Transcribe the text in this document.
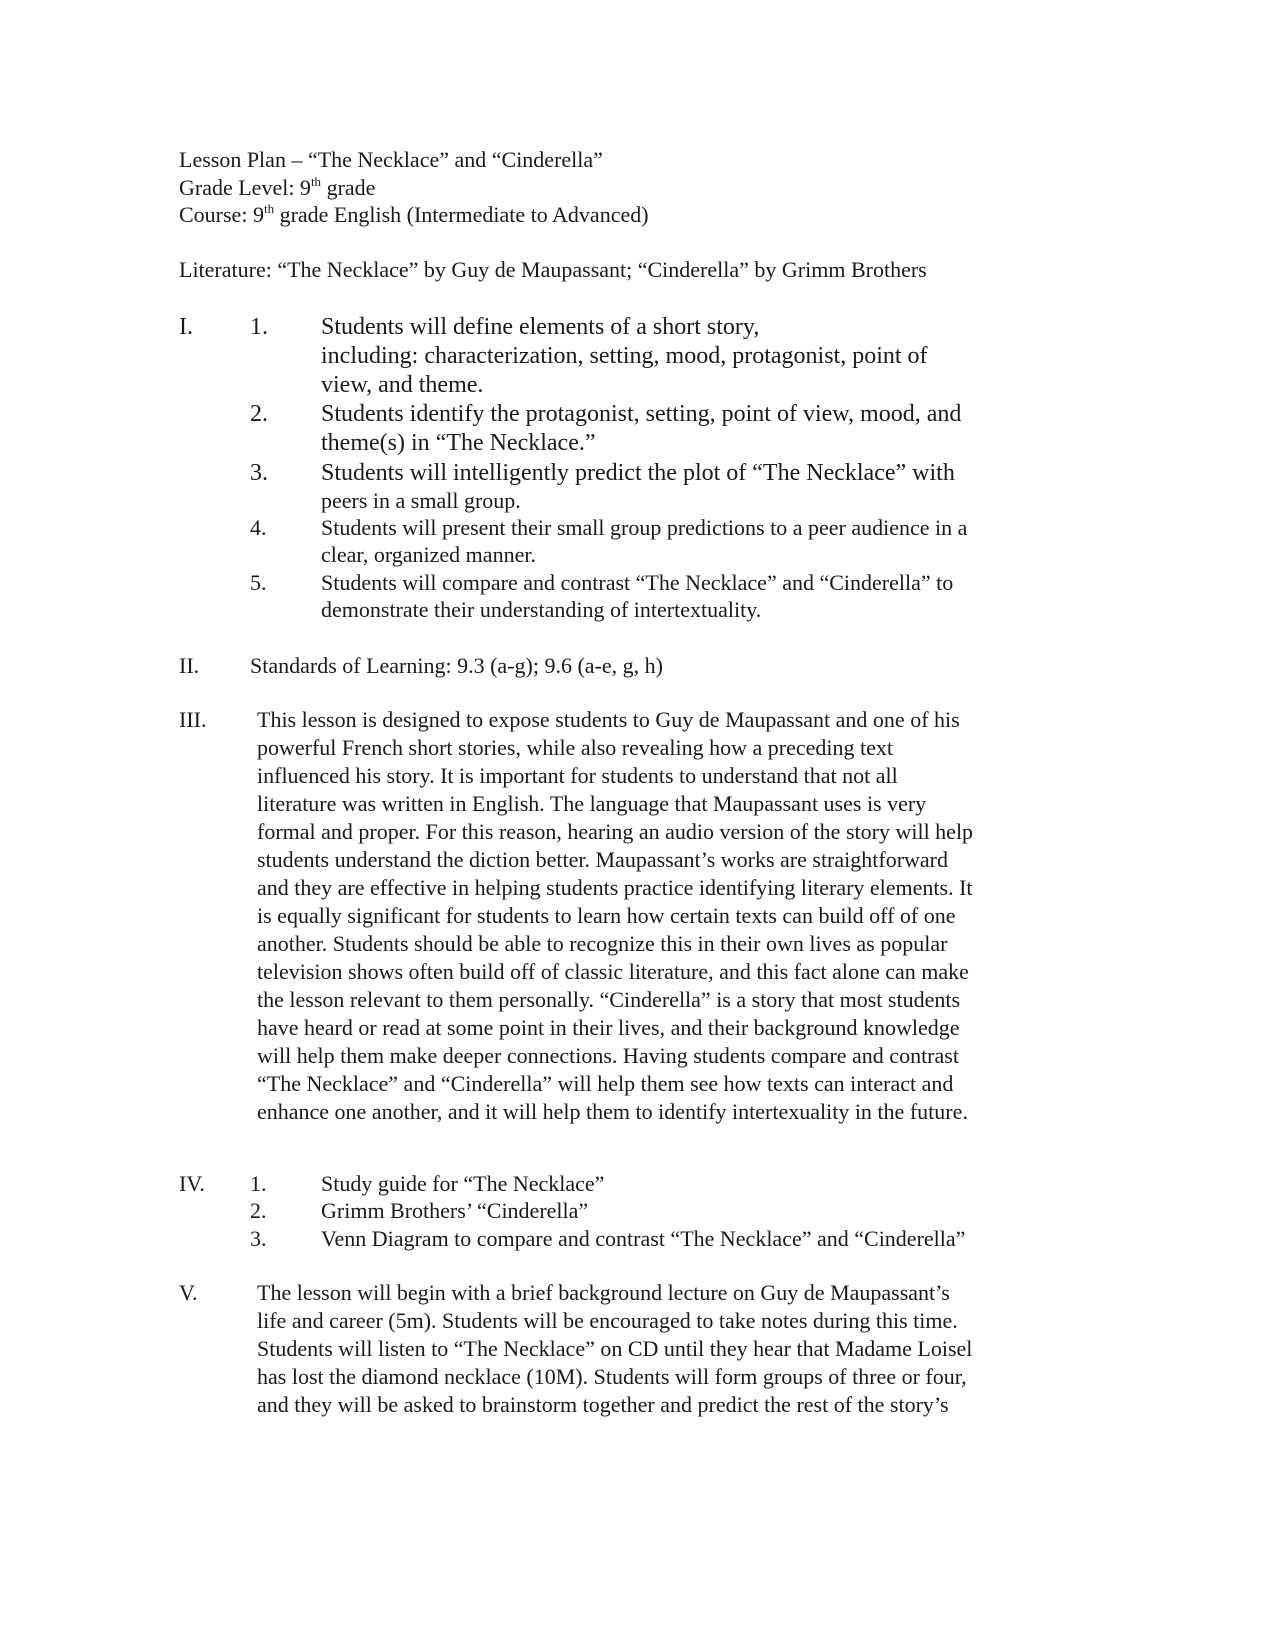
Lesson Plan – “The Necklace” and “Cinderella”
Grade Level: 9th grade
Course: 9th grade English (Intermediate to Advanced)
Literature: “The Necklace” by Guy de Maupassant; “Cinderella” by Grimm Brothers
I. 1. Students will define elements of a short story,
including: characterization, setting, mood, protagonist, point of
view, and theme.
2. Students identify the protagonist, setting, point of view, mood, and
theme(s) in “The Necklace.”
3. Students will intelligently predict the plot of “The Necklace” with
peers in a small group.
4. Students will present their small group predictions to a peer audience in a
clear, organized manner.
5. Students will compare and contrast “The Necklace” and “Cinderella” to
demonstrate their understanding of intertextuality.
II. Standards of Learning: 9.3 (a-g); 9.6 (a-e, g, h)
III. This lesson is designed to expose students to Guy de Maupassant and one of his
powerful French short stories, while also revealing how a preceding text
influenced his story. It is important for students to understand that not all
literature was written in English. The language that Maupassant uses is very
formal and proper. For this reason, hearing an audio version of the story will help
students understand the diction better. Maupassant’s works are straightforward
and they are effective in helping students practice identifying literary elements. It
is equally significant for students to learn how certain texts can build off of one
another. Students should be able to recognize this in their own lives as popular
television shows often build off of classic literature, and this fact alone can make
the lesson relevant to them personally. “Cinderella” is a story that most students
have heard or read at some point in their lives, and their background knowledge
will help them make deeper connections. Having students compare and contrast
“The Necklace” and “Cinderella” will help them see how texts can interact and
enhance one another, and it will help them to identify intertexuality in the future.
IV. 1. Study guide for “The Necklace”
2. Grimm Brothers’ “Cinderella”
3. Venn Diagram to compare and contrast “The Necklace” and “Cinderella”
V.	The lesson will begin with a brief background lecture on Guy de Maupassant’s
life and career (5m). Students will be encouraged to take notes during this time.
Students will listen to “The Necklace” on CD until they hear that Madame Loisel
has lost the diamond necklace (10M). Students will form groups of three or four,
and they will be asked to brainstorm together and predict the rest of the story’s
